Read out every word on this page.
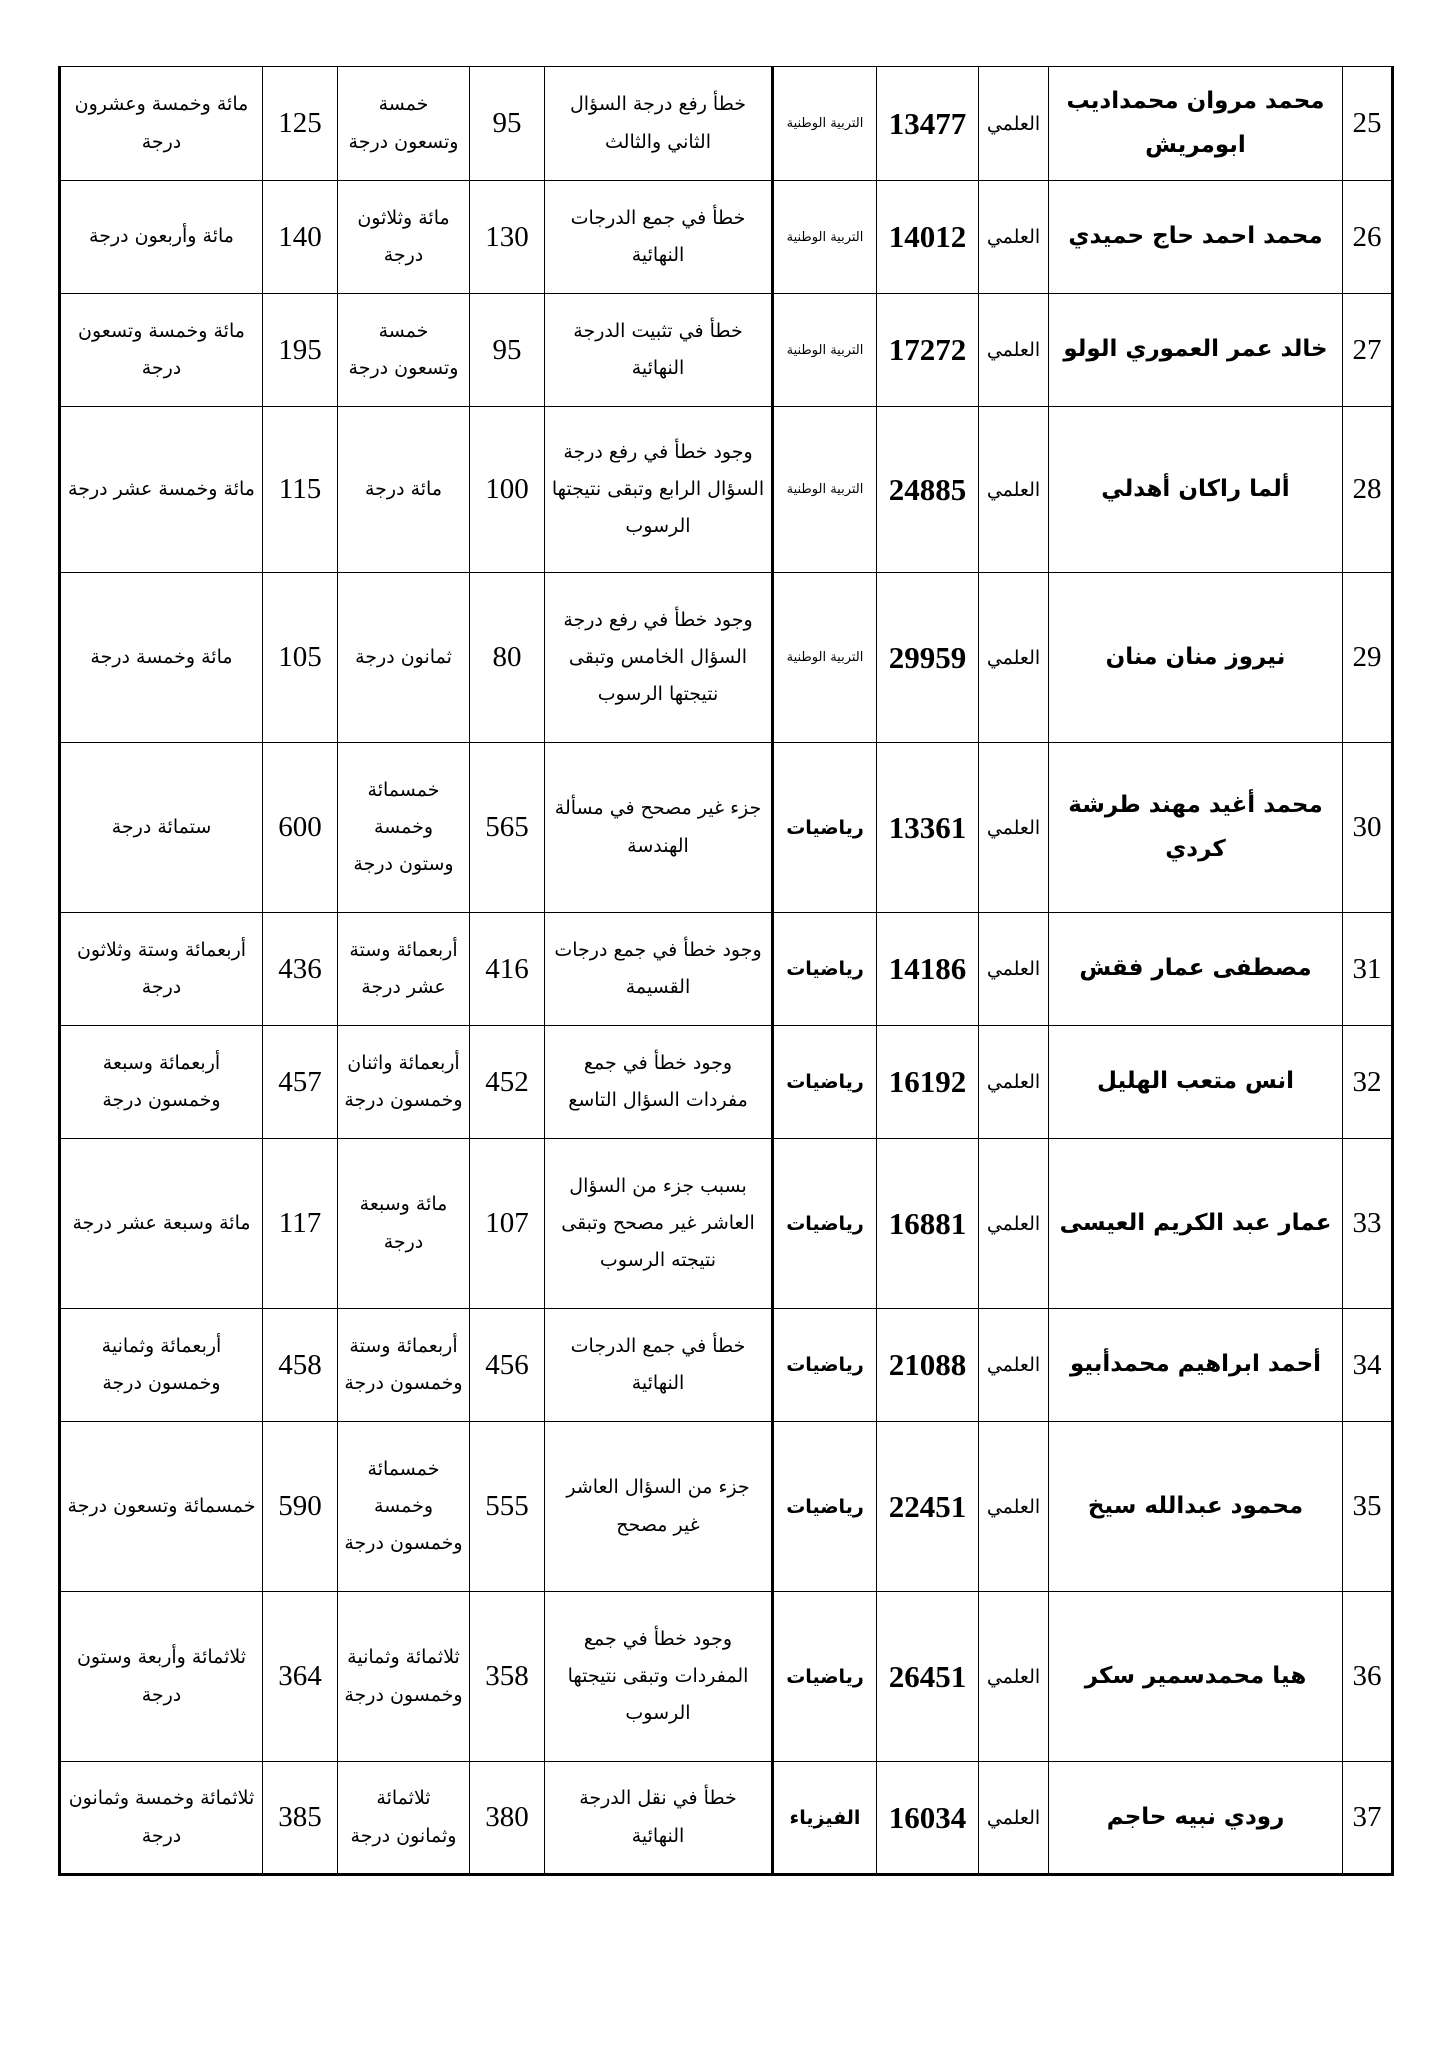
25	محمد مروان محمداديب ابومريش	العلمي	13477	التربية الوطنية	خطأ رفع درجة السؤال الثاني والثالث	95	خمسة وتسعون درجة	125	مائة وخمسة وعشرون درجة
26	محمد احمد حاج حميدي	العلمي	14012	التربية الوطنية	خطأ في جمع الدرجات النهائية	130	مائة وثلاثون درجة	140	مائة وأربعون درجة
27	خالد عمر العموري الولو	العلمي	17272	التربية الوطنية	خطأ في تثبيت الدرجة النهائية	95	خمسة وتسعون درجة	195	مائة وخمسة وتسعون درجة
28	ألما راكان أهدلي	العلمي	24885	التربية الوطنية	وجود خطأ في رفع درجة السؤال الرابع وتبقى نتيجتها الرسوب	100	مائة درجة	115	مائة وخمسة عشر درجة
29	نيروز منان منان	العلمي	29959	التربية الوطنية	وجود خطأ في رفع درجة السؤال الخامس وتبقى نتيجتها الرسوب	80	ثمانون درجة	105	مائة وخمسة درجة
30	محمد أغيد مهند طرشة كردي	العلمي	13361	رياضيات	جزء غير مصحح في مسألة الهندسة	565	خمسمائة وخمسة وستون درجة	600	ستمائة درجة
31	مصطفى عمار فقش	العلمي	14186	رياضيات	وجود خطأ في جمع درجات القسيمة	416	أربعمائة وستة عشر درجة	436	أربعمائة وستة وثلاثون درجة
32	انس متعب الهليل	العلمي	16192	رياضيات	وجود خطأ في جمع مفردات السؤال التاسع	452	أربعمائة واثنان وخمسون درجة	457	أربعمائة وسبعة وخمسون درجة
33	عمار عبد الكريم العيسى	العلمي	16881	رياضيات	بسبب جزء من السؤال العاشر غير مصحح وتبقى نتيجته الرسوب	107	مائة وسبعة درجة	117	مائة وسبعة عشر درجة
34	أحمد ابراهيم محمدأبيو	العلمي	21088	رياضيات	خطأ في جمع الدرجات النهائية	456	أربعمائة وستة وخمسون درجة	458	أربعمائة وثمانية وخمسون درجة
35	محمود عبدالله سيخ	العلمي	22451	رياضيات	جزء من السؤال العاشر غير مصحح	555	خمسمائة وخمسة وخمسون درجة	590	خمسمائة وتسعون درجة
36	هيا محمدسمير سكر	العلمي	26451	رياضيات	وجود خطأ في جمع المفردات وتبقى نتيجتها الرسوب	358	ثلاثمائة وثمانية وخمسون درجة	364	ثلاثمائة وأربعة وستون درجة
37	رودي نبيه حاجم	العلمي	16034	الفيزياء	خطأ في نقل الدرجة النهائية	380	ثلاثمائة وثمانون درجة	385	ثلاثمائة وخمسة وثمانون درجة
